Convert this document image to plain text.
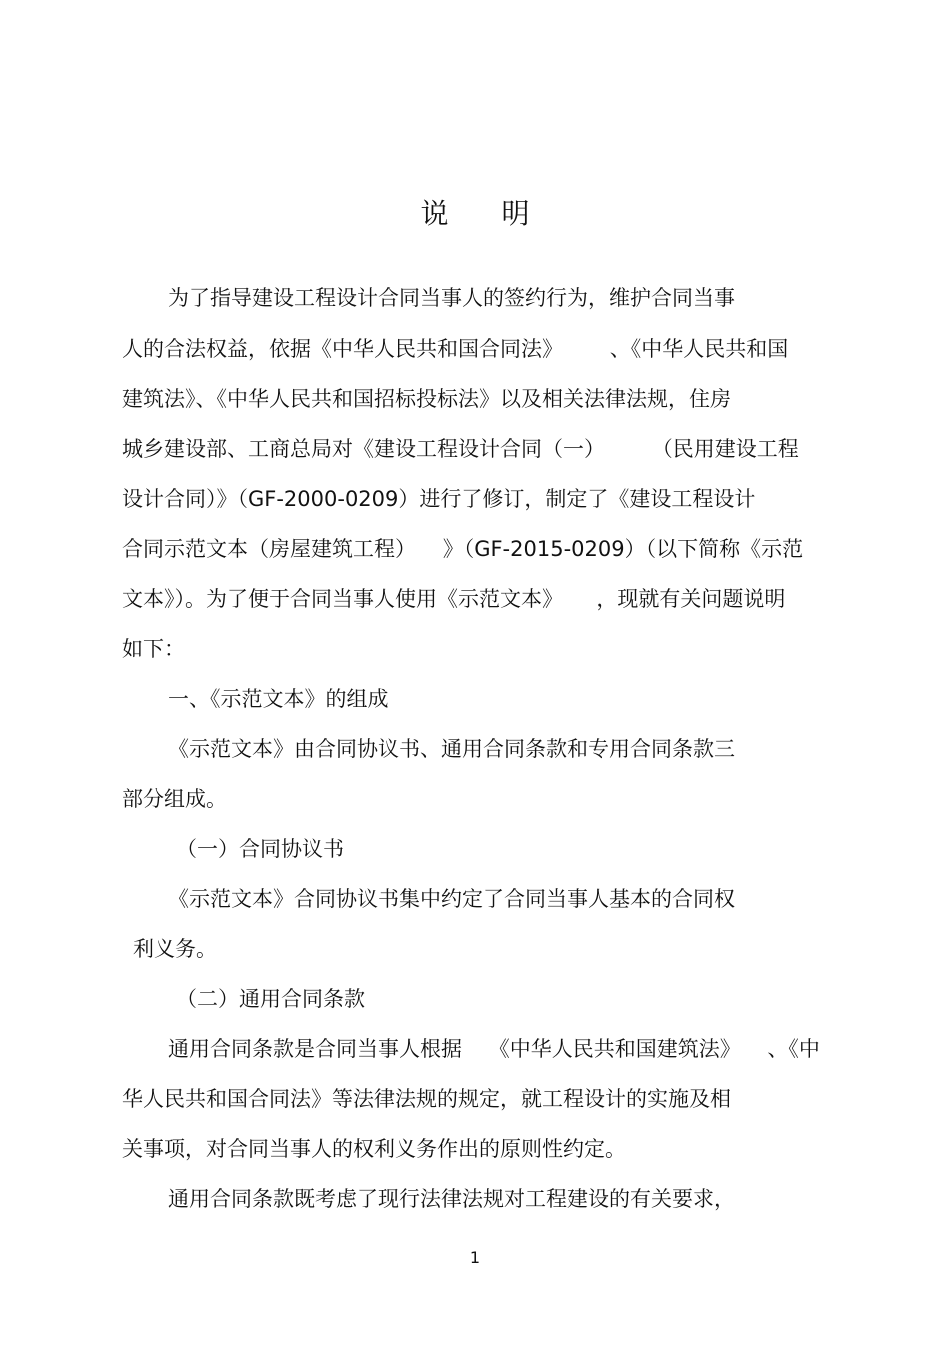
说 明
为了指导建设工程设计合同当事人的签约行为，维护合同当事
人的合法权益，依据《中华人民共和国合同法》       、《中华人民共和国
建筑法》、《中华人民共和国招标投标法》以及相关法律法规，住房
城乡建设部、工商总局对《建设工程设计合同（一）       （民用建设工程
设计合同）》（GF-2000-0209）进行了修订，制定了《建设工程设计
合同示范文本（房屋建筑工程）    》（GF-2015-0209）（以下简称《示范
文本》）。为了便于合同当事人使用《示范文本》     ，现就有关问题说明
如下：
一、《示范文本》的组成
《示范文本》由合同协议书、通用合同条款和专用合同条款三
部分组成。
（一）合同协议书
《示范文本》合同协议书集中约定了合同当事人基本的合同权
利义务。
（二）通用合同条款
通用合同条款是合同当事人根据    《中华人民共和国建筑法》    、《中
华人民共和国合同法》等法律法规的规定，就工程设计的实施及相
关事项，对合同当事人的权利义务作出的原则性约定。
通用合同条款既考虑了现行法律法规对工程建设的有关要求，
1
